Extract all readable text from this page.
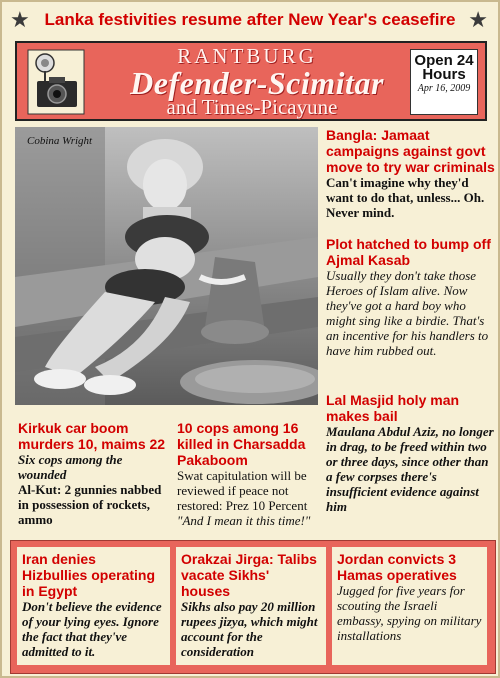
★	★
Lanka festivities resume after New Year's ceasefire
RANTBURG
Defender-Scimitar
and Times-Picayune
Open 24 Hours
Apr 16, 2009
Cobina Wright	Bangla: Jamaat campaigns against govt move to try war criminals
Can't imagine why they'd want to do that, unless... Oh. Never mind.
Plot hatched to bump off Ajmal Kasab
Usually they don't take those Heroes of Islam alive. Now they've got a hard boy who might sing like a birdie. That's an incentive for his handlers to have him rubbed out.
Lal Masjid holy man makes bail
Maulana Abdul Aziz, no longer in drag, to be freed within two or three days, since other than a few corpses there's insufficient evidence against him
Kirkuk car boom murders 10, maims 22
Six cops among the wounded
Al-Kut: 2 gunnies nabbed in possession of rockets, ammo
10 cops among 16 killed in Charsadda Pakaboom
Swat capitulation will be reviewed if peace not restored: Prez 10 Percent
"And I mean it this time!"
Iran denies Hizbullies operating in Egypt
Don't believe the evidence of your lying eyes. Ignore the fact that they've admitted to it.
Orakzai Jirga: Talibs vacate Sikhs' houses
Sikhs also pay 20 million rupees jizya, which might account for the consideration
Jordan convicts 3 Hamas operatives
Jugged for five years for scouting the Israeli embassy, spying on military installations
